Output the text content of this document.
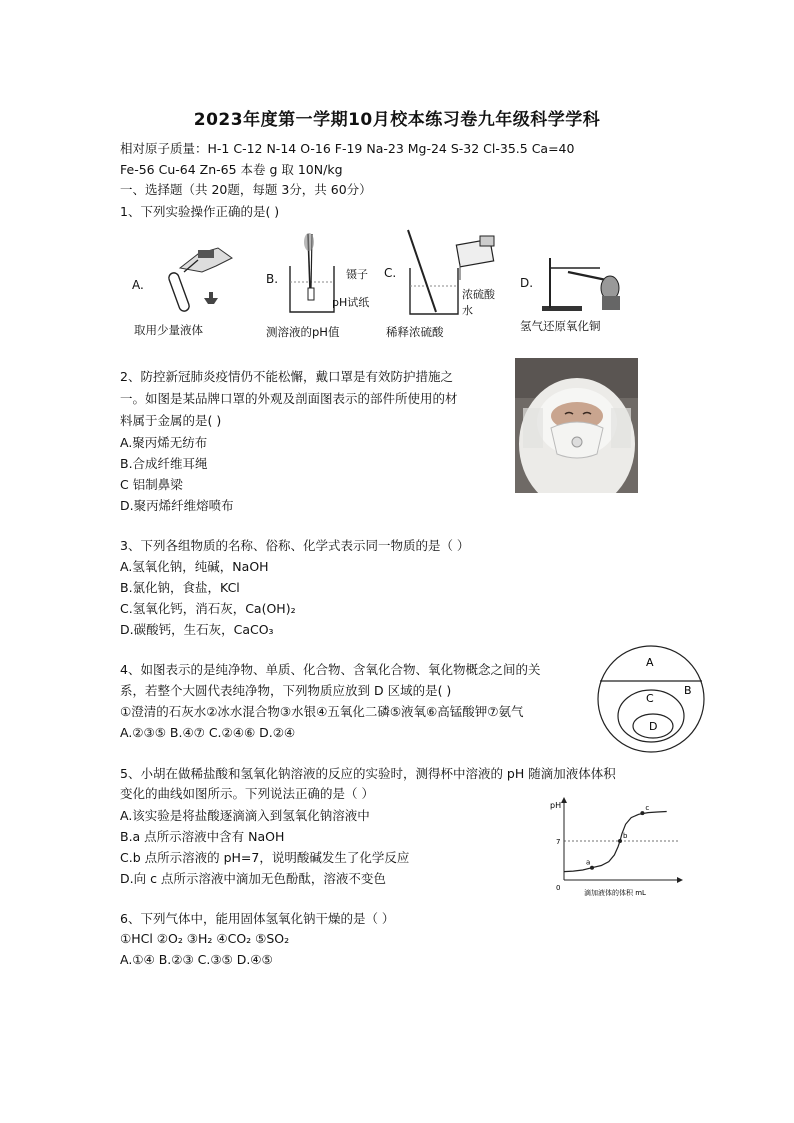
2023年度第一学期10月校本练习卷九年级科学学科
相对原子质量：H-1 C-12 N-14 O-16 F-19 Na-23 Mg-24 S-32 Cl-35.5 Ca=40
Fe-56 Cu-64 Zn-65 本卷 g 取 10N/kg
一、选择题（共 20题，每题 3分，共 60分）
1、下列实验操作正确的是( )
A.
取用少量液体
B.	镊子
pH试纸
测溶液的pH值
C.
浓硫酸
水
稀释浓硫酸
D.
氢气还原氧化铜
2、防控新冠肺炎疫情仍不能松懈，戴口罩是有效防护措施之
一。如图是某品牌口罩的外观及剖面图表示的部件所使用的材
料属于金属的是( )
A.聚丙烯无纺布
B.合成纤维耳绳
C 铝制鼻梁
D.聚丙烯纤维熔喷布
3、下列各组物质的名称、俗称、化学式表示同一物质的是（ ）
A.氢氧化钠，纯碱，NaOH
B.氯化钠，食盐，KCl
C.氢氧化钙，消石灰，Ca(OH)₂
D.碳酸钙，生石灰，CaCO₃
4、如图表示的是纯净物、单质、化合物、含氧化合物、氧化物概念之间的关
系，若整个大圆代表纯净物，下列物质应放到 D 区域的是( )
①澄清的石灰水②冰水混合物③水银④五氧化二磷⑤液氧⑥高锰酸钾⑦氨气
A.②③⑤ B.④⑦ C.②④⑥ D.②④
A
B
C
D
5、小胡在做稀盐酸和氢氧化钠溶液的反应的实验时，测得杯中溶液的 pH 随滴加液体体积
变化的曲线如图所示。下列说法正确的是（ ）
A.该实验是将盐酸逐滴滴入到氢氧化钠溶液中
B.a 点所示溶液中含有 NaOH
C.b 点所示溶液的 pH=7，说明酸碱发生了化学反应
D.向 c 点所示溶液中滴加无色酚酞，溶液不变色
pH
0
7
a
b
c
滴加液体的体积 mL
6、下列气体中，能用固体氢氧化钠干燥的是（ ）
①HCl ②O₂ ③H₂ ④CO₂ ⑤SO₂
A.①④ B.②③ C.③⑤ D.④⑤
